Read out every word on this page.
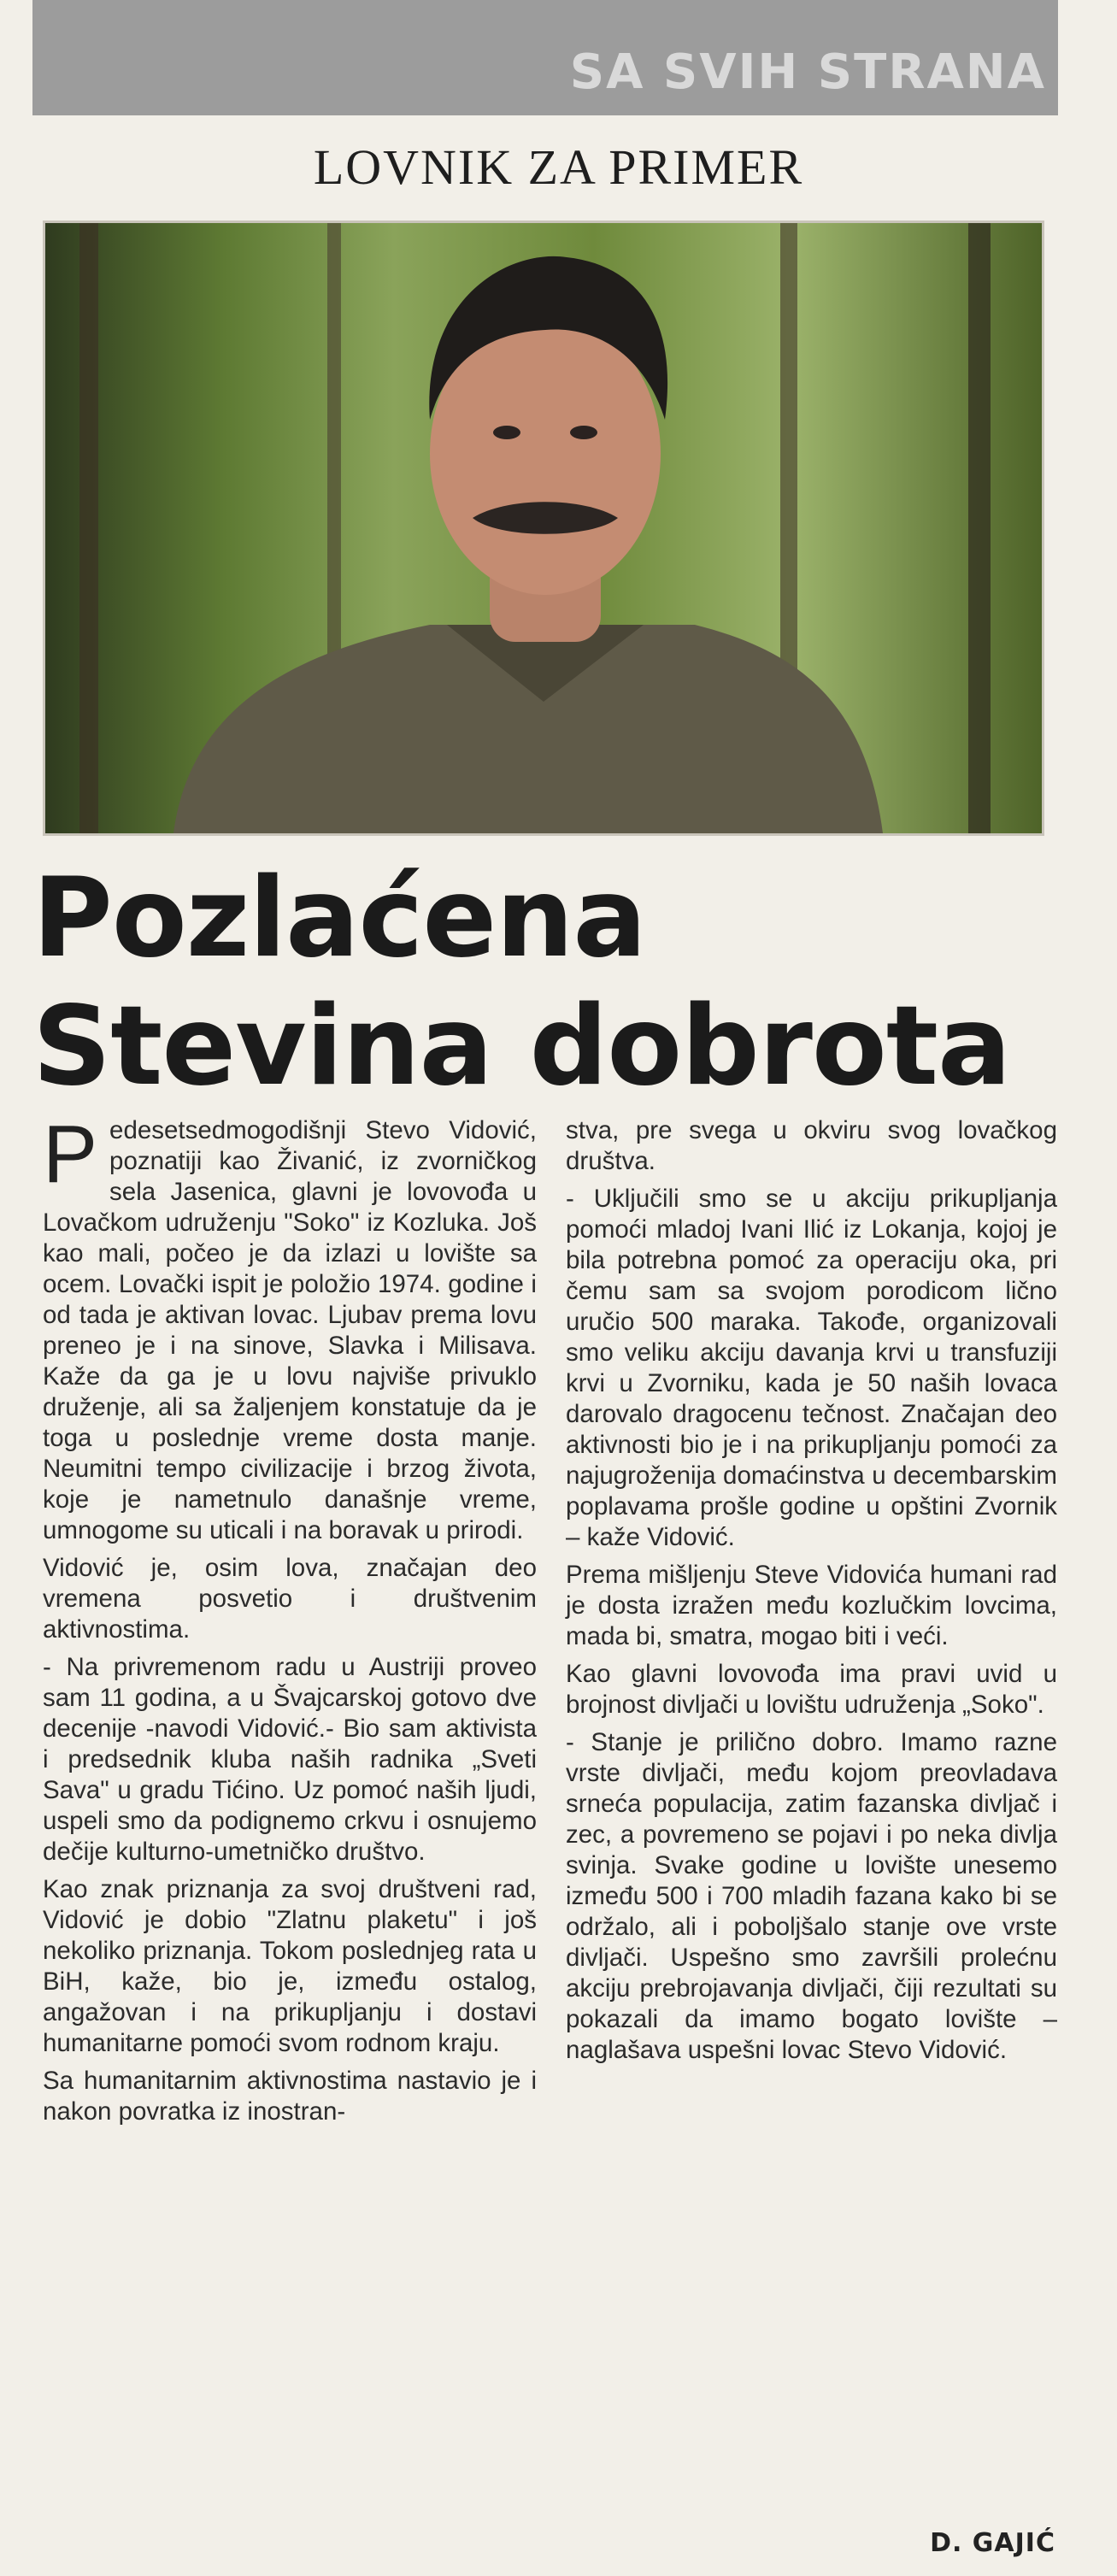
SA SVIH STRANA
LOVNIK ZA PRIMER
Pozlaćena
Stevina dobrota

P edesetsedmogodišnji Stevo Vidović, poznatiji kao Živanić, iz zvorničkog sela Jasenica, glavni je lovovođa u Lovačkom udruženju "Soko" iz Kozluka. Još kao mali, počeo je da izlazi u lovište sa ocem. Lovački ispit je položio 1974. godine i od tada je aktivan lovac. Ljubav prema lovu preneo je i na sinove, Slavka i Milisava. Kaže da ga je u lovu najviše privuklo druženje, ali sa žaljenjem konstatuje da je toga u poslednje vreme dosta manje. Neumitni tempo civilizacije i brzog života, koje je nametnulo današnje vreme, umnogome su uticali i na boravak u prirodi.

Vidović je, osim lova, značajan deo vremena posvetio i društvenim aktivnostima.

- Na privremenom radu u Austriji proveo sam 11 godina, a u Švajcarskoj gotovo dve decenije -navodi Vidović.- Bio sam aktivista i predsednik kluba naših radnika „Sveti Sava" u gradu Tićino. Uz pomoć naših ljudi, uspeli smo da podignemo crkvu i osnujemo dečije kulturno-umetničko društvo.

Kao znak priznanja za svoj društveni rad, Vidović je dobio "Zlatnu plaketu" i još nekoliko priznanja. Tokom poslednjeg rata u BiH, kaže, bio je, između ostalog, angažovan i na prikupljanju i dostavi humanitarne pomoći svom rodnom kraju.

Sa humanitarnim aktivnostima nastavio je i nakon povratka iz inostran-

stva, pre svega u okviru svog lovačkog društva.

- Uključili smo se u akciju prikupljanja pomoći mladoj Ivani Ilić iz Lokanja, kojoj je bila potrebna pomoć za operaciju oka, pri čemu sam sa svojom porodicom lično uručio 500 maraka. Takođe, organizovali smo veliku akciju davanja krvi u transfuziji krvi u Zvorniku, kada je 50 naših lovaca darovalo dragocenu tečnost. Značajan deo aktivnosti bio je i na prikupljanju pomoći za najugroženija domaćinstva u decembarskim poplavama prošle godine u opštini Zvornik – kaže Vidović.

Prema mišljenju Steve Vidovića humani rad je dosta izražen među kozlučkim lovcima, mada bi, smatra, mogao biti i veći.

Kao glavni lovovođa ima pravi uvid u brojnost divljači u lovištu udruženja „Soko".

- Stanje je prilično dobro. Imamo razne vrste divljači, među kojom preovladava srneća populacija, zatim fazanska divljač i zec, a povremeno se pojavi i po neka divlja svinja. Svake godine u lovište unesemo između 500 i 700 mladih fazana kako bi se održalo, ali i poboljšalo stanje ove vrste divljači. Uspešno smo završili prolećnu akciju prebrojavanja divljači, čiji rezultati su pokazali da imamo bogato lovište – naglašava uspešni lovac Stevo Vidović.

D. GAJIĆ
